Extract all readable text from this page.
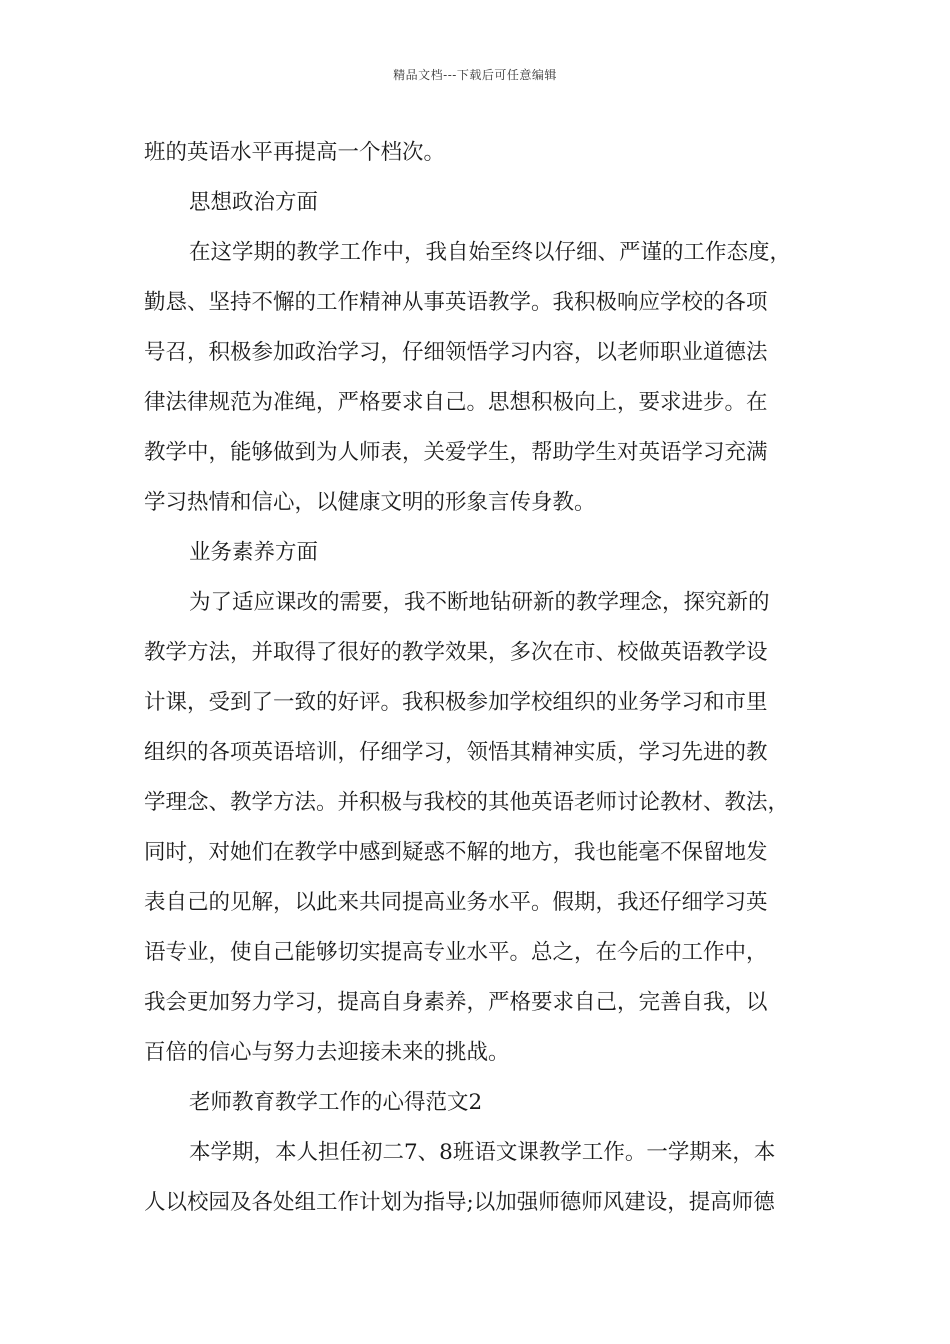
精品文档---下载后可任意编辑

班的英语水平再提高一个档次。

思想政治方面

在这学期的教学工作中，我自始至终以仔细、严谨的工作态度，

勤恳、坚持不懈的工作精神从事英语教学。我积极响应学校的各项

号召，积极参加政治学习，仔细领悟学习内容，以老师职业道德法

律法律规范为准绳，严格要求自己。思想积极向上，要求进步。在

教学中，能够做到为人师表，关爱学生，帮助学生对英语学习充满

学习热情和信心，以健康文明的形象言传身教。

业务素养方面

为了适应课改的需要，我不断地钻研新的教学理念，探究新的

教学方法，并取得了很好的教学效果，多次在市、校做英语教学设

计课，受到了一致的好评。我积极参加学校组织的业务学习和市里

组织的各项英语培训，仔细学习，领悟其精神实质，学习先进的教

学理念、教学方法。并积极与我校的其他英语老师讨论教材、教法，

同时，对她们在教学中感到疑惑不解的地方，我也能毫不保留地发

表自己的见解，以此来共同提高业务水平。假期，我还仔细学习英

语专业，使自己能够切实提高专业水平。总之，在今后的工作中，

我会更加努力学习，提高自身素养，严格要求自己，完善自我，以

百倍的信心与努力去迎接未来的挑战。

老师教育教学工作的心得范文2

本学期，本人担任初二7、8班语文课教学工作。一学期来，本

人以校园及各处组工作计划为指导;以加强师德师风建设，提高师德
